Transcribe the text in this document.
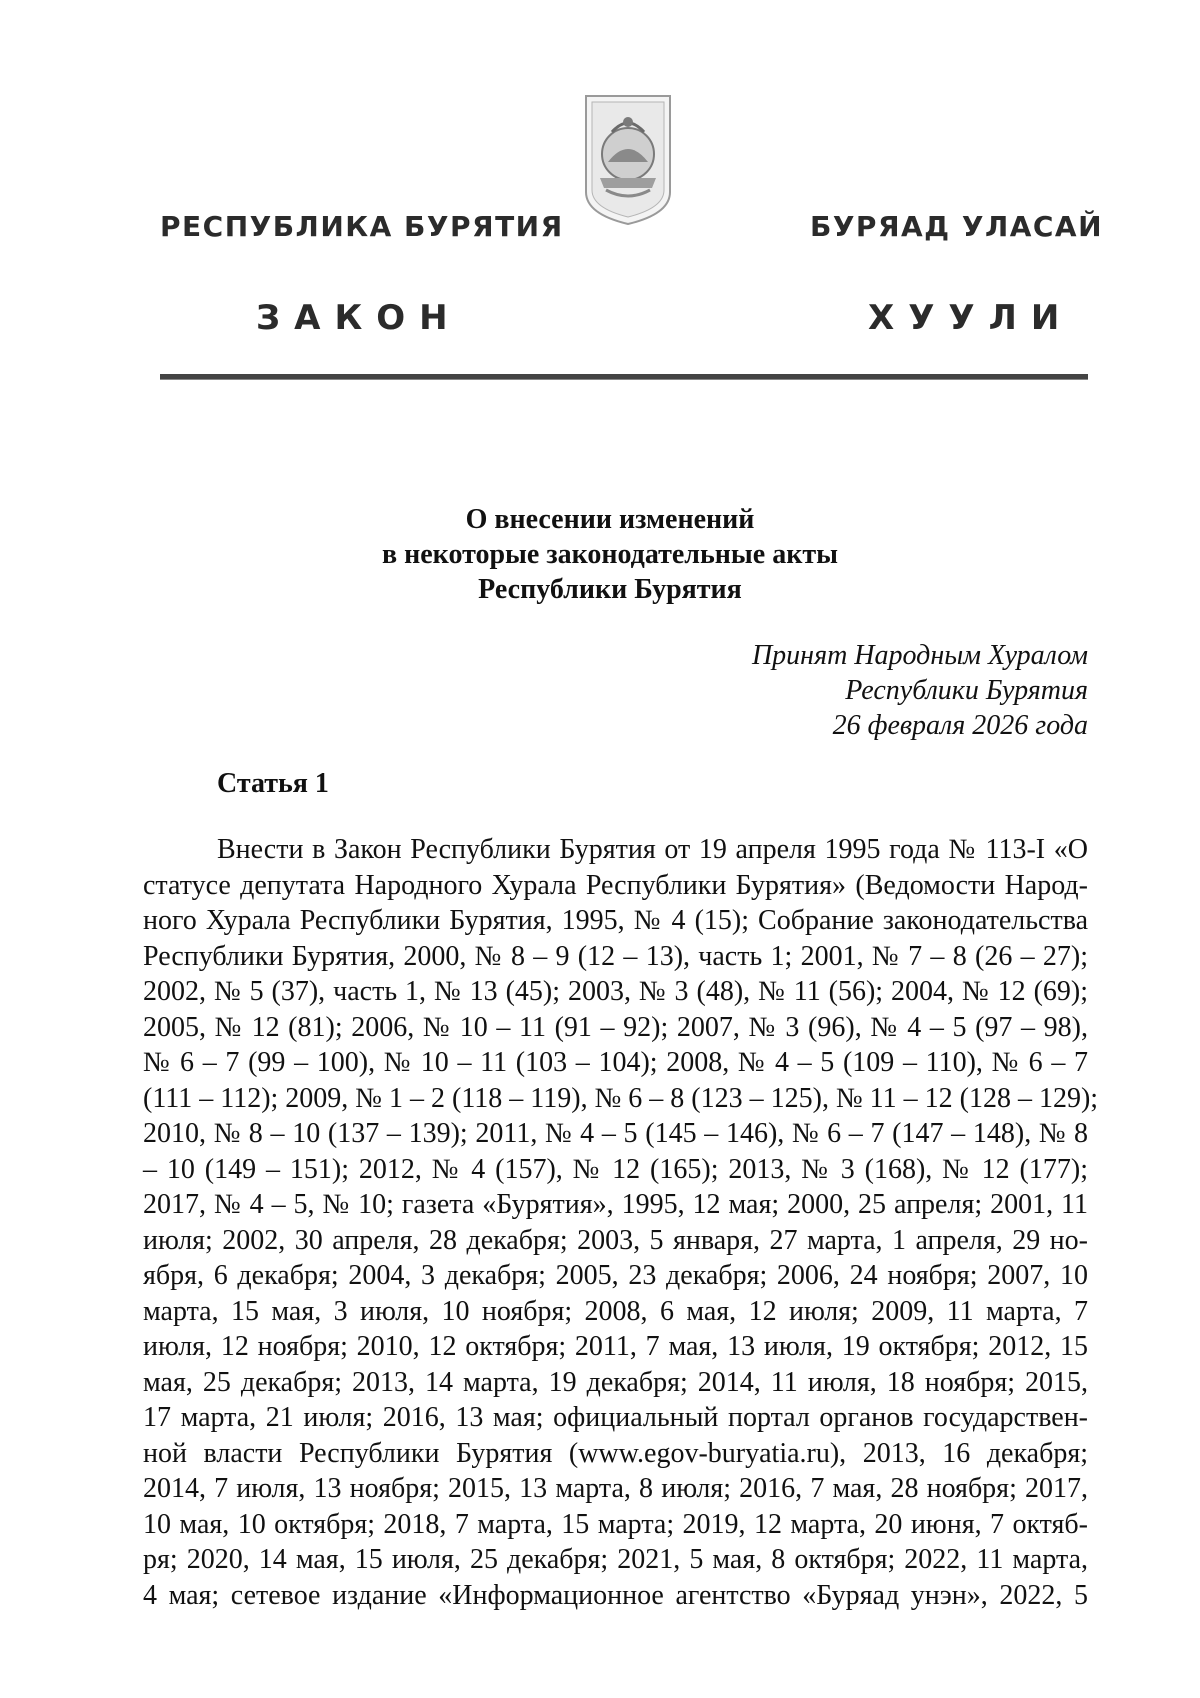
РЕСПУБЛИКА БУРЯТИЯ	БУРЯАД УЛАСАЙ
ЗАКОН	ХУУЛИ
О внесении изменений
в некоторые законодательные акты
Республики Бурятия
Принят Народным Хуралом
Республики Бурятия
26 февраля 2026 года
Статья 1
Внести в Закон Республики Бурятия от 19 апреля 1995 года № 113-I «О
статусе депутата Народного Хурала Республики Бурятия» (Ведомости Народ-
ного Хурала Республики Бурятия, 1995, № 4 (15); Собрание законодательства
Республики Бурятия, 2000, № 8 – 9 (12 – 13), часть 1; 2001, № 7 – 8 (26 – 27);
2002, № 5 (37), часть 1, № 13 (45); 2003, № 3 (48), № 11 (56); 2004, № 12 (69);
2005, № 12 (81); 2006, № 10 – 11 (91 – 92); 2007, № 3 (96), № 4 – 5 (97 – 98),
№ 6 – 7 (99 – 100), № 10 – 11 (103 – 104); 2008, № 4 – 5 (109 – 110), № 6 – 7
(111 – 112); 2009, № 1 – 2 (118 – 119), № 6 – 8 (123 – 125), № 11 – 12 (128 – 129);
2010, № 8 – 10 (137 – 139); 2011, № 4 – 5 (145 – 146), № 6 – 7 (147 – 148), № 8
– 10 (149 – 151); 2012, № 4 (157), № 12 (165); 2013, № 3 (168), № 12 (177);
2017, № 4 – 5, № 10; газета «Бурятия», 1995, 12 мая; 2000, 25 апреля; 2001, 11
июля; 2002, 30 апреля, 28 декабря; 2003, 5 января, 27 марта, 1 апреля, 29 но-
ября, 6 декабря; 2004, 3 декабря; 2005, 23 декабря; 2006, 24 ноября; 2007, 10
марта, 15 мая, 3 июля, 10 ноября; 2008, 6 мая, 12 июля; 2009, 11 марта, 7
июля, 12 ноября; 2010, 12 октября; 2011, 7 мая, 13 июля, 19 октября; 2012, 15
мая, 25 декабря; 2013, 14 марта, 19 декабря; 2014, 11 июля, 18 ноября; 2015,
17 марта, 21 июля; 2016, 13 мая; официальный портал органов государствен-
ной власти Республики Бурятия (www.egov-buryatia.ru), 2013, 16 декабря;
2014, 7 июля, 13 ноября; 2015, 13 марта, 8 июля; 2016, 7 мая, 28 ноября; 2017,
10 мая, 10 октября; 2018, 7 марта, 15 марта; 2019, 12 марта, 20 июня, 7 октяб-
ря; 2020, 14 мая, 15 июля, 25 декабря; 2021, 5 мая, 8 октября; 2022, 11 марта,
4 мая; сетевое издание «Информационное агентство «Буряад унэн», 2022, 5
